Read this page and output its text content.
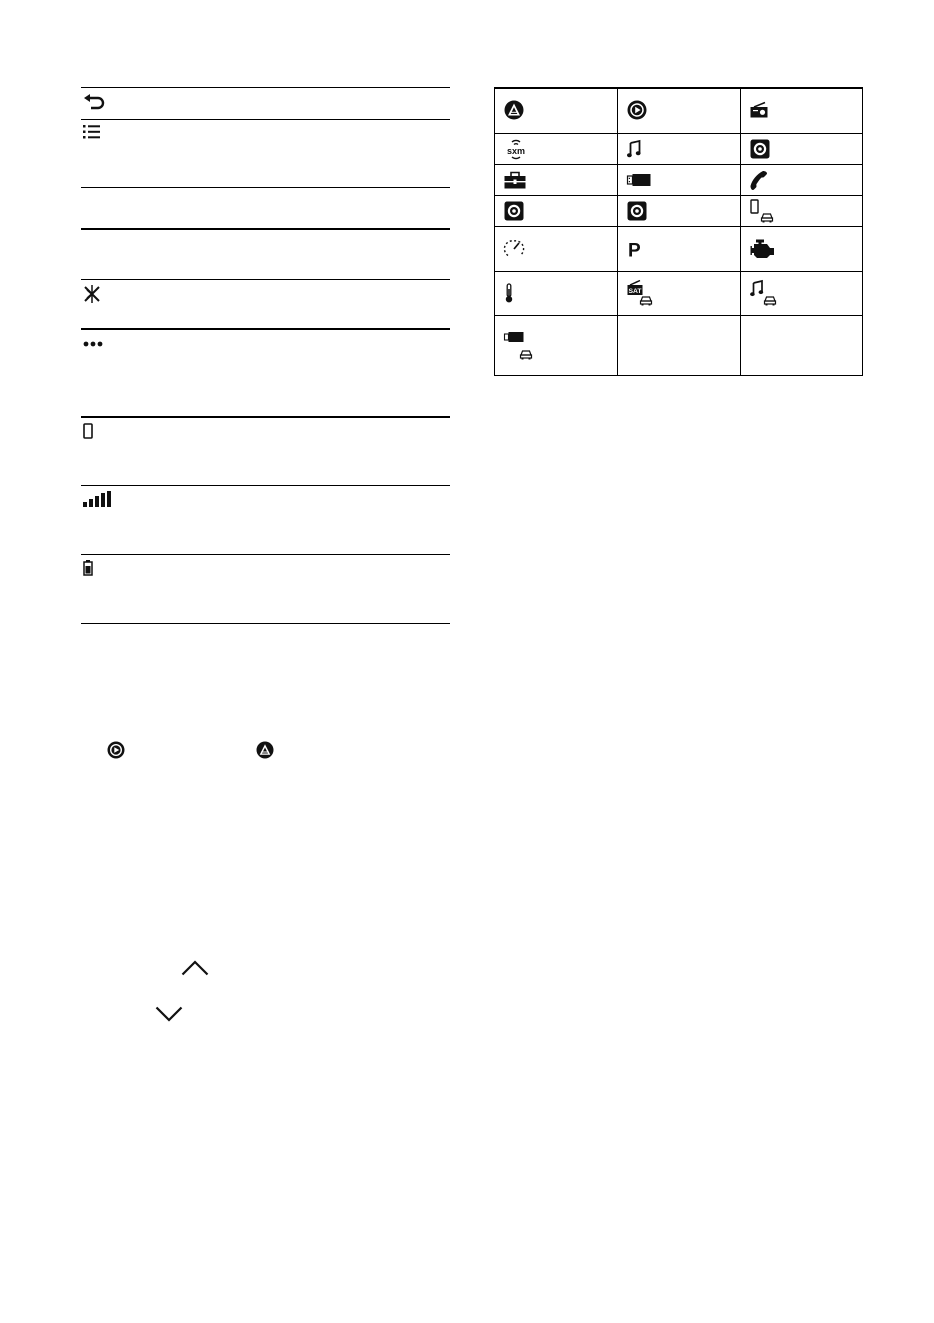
sxm
P
SAT
